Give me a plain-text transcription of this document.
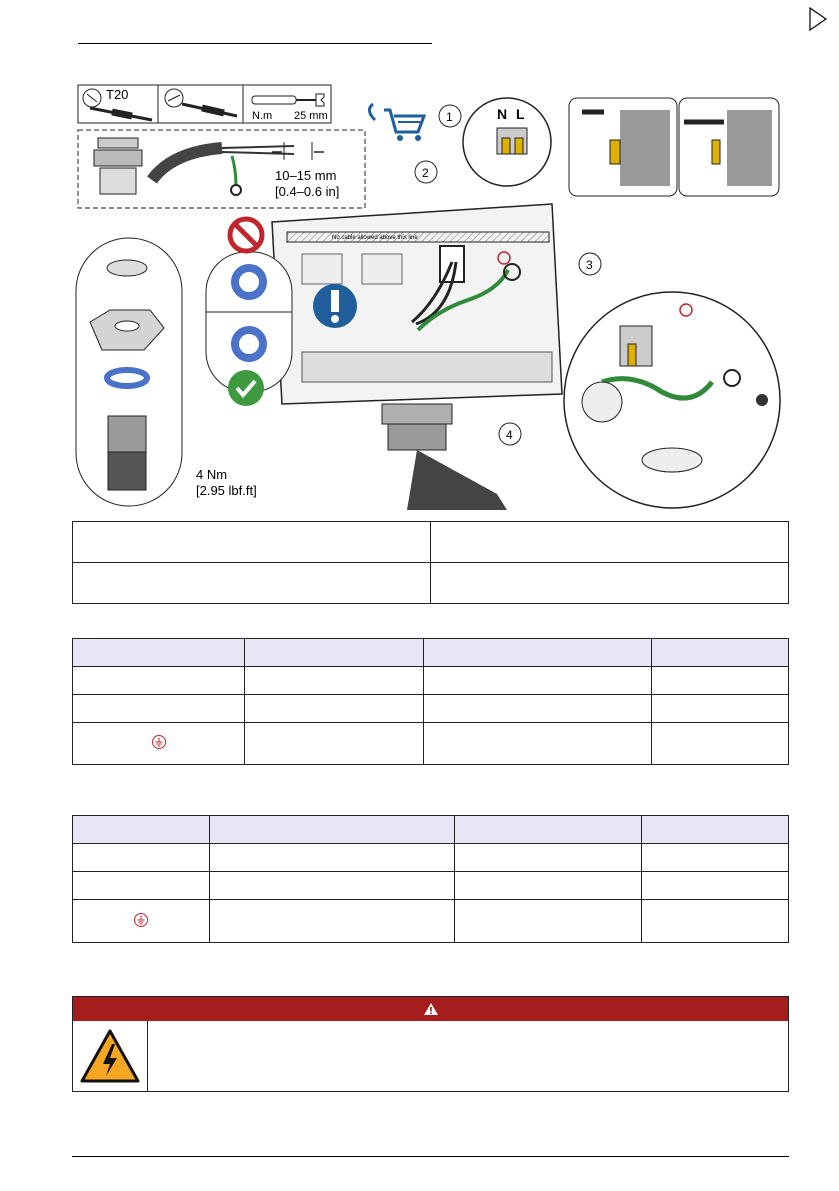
T20
N.m 25 mm
10–15 mm
[0.4–0.6 in]
No cable allowed above this line
N L
4 Nm
[2.95 lbf.ft]
1
2
3
4
